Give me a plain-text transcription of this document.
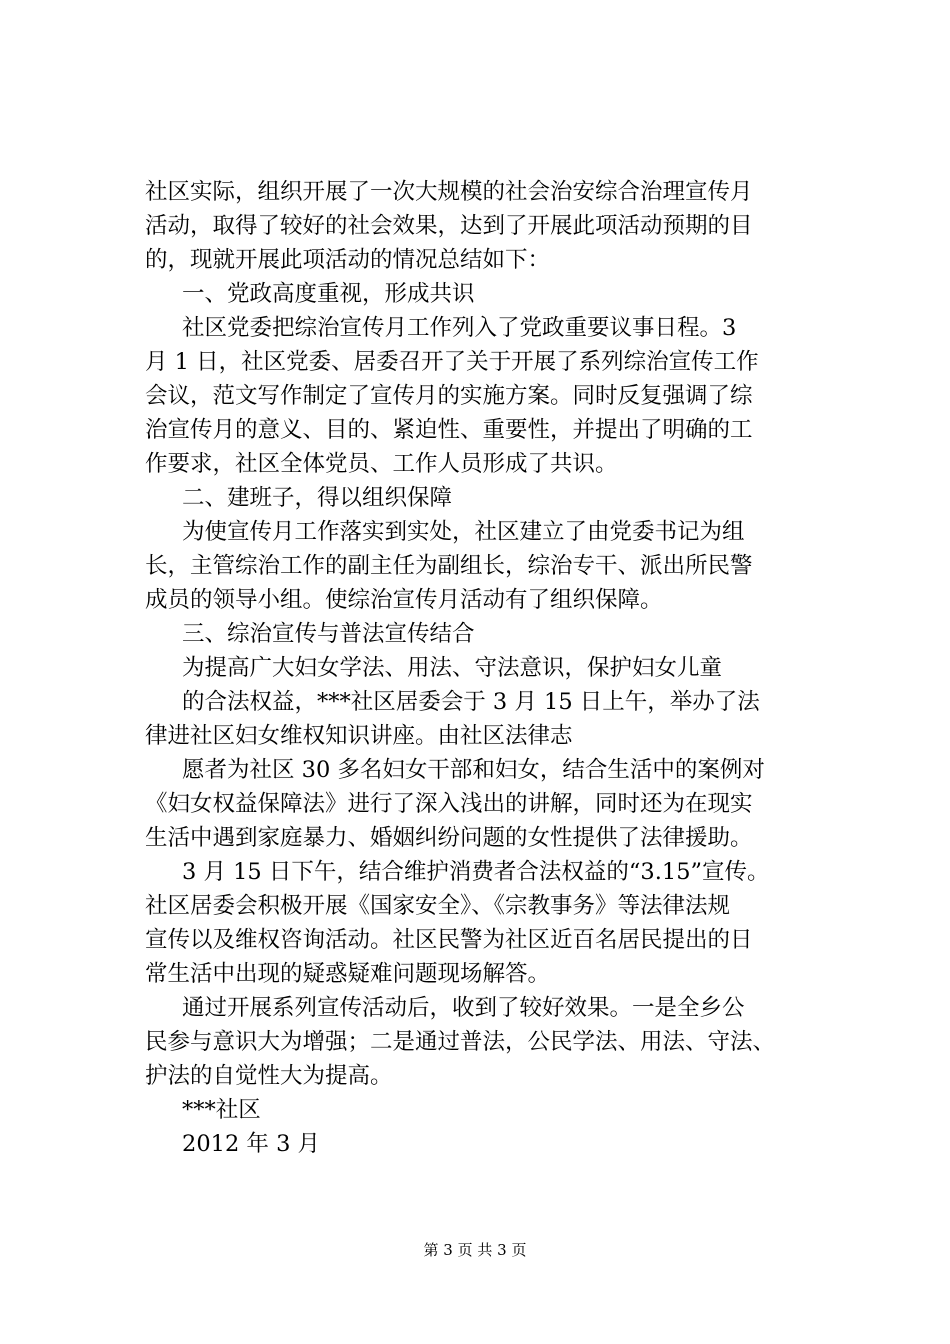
社区实际，组织开展了一次大规模的社会治安综合治理宣传月
活动，取得了较好的社会效果，达到了开展此项活动预期的目
的，现就开展此项活动的情况总结如下：
一、党政高度重视，形成共识
社区党委把综治宣传月工作列入了党政重要议事日程。3
月 1 日，社区党委、居委召开了关于开展了系列综治宣传工作
会议，范文写作制定了宣传月的实施方案。同时反复强调了综
治宣传月的意义、目的、紧迫性、重要性，并提出了明确的工
作要求，社区全体党员、工作人员形成了共识。
二、建班子，得以组织保障
为使宣传月工作落实到实处，社区建立了由党委书记为组
长，主管综治工作的副主任为副组长，综治专干、派出所民警
成员的领导小组。使综治宣传月活动有了组织保障。
三、综治宣传与普法宣传结合
为提高广大妇女学法、用法、守法意识，保护妇女儿童
的合法权益，***社区居委会于 3 月 15 日上午，举办了法
律进社区妇女维权知识讲座。由社区法律志
愿者为社区 30 多名妇女干部和妇女，结合生活中的案例对
《妇女权益保障法》进行了深入浅出的讲解，同时还为在现实
生活中遇到家庭暴力、婚姻纠纷问题的女性提供了法律援助。
3 月 15 日下午，结合维护消费者合法权益的“3.15”宣传。
社区居委会积极开展《国家安全》、《宗教事务》等法律法规
宣传以及维权咨询活动。社区民警为社区近百名居民提出的日
常生活中出现的疑惑疑难问题现场解答。
通过开展系列宣传活动后，收到了较好效果。一是全乡公
民参与意识大为增强；二是通过普法，公民学法、用法、守法、
护法的自觉性大为提高。
***社区
2012 年 3 月
第 3 页 共 3 页
